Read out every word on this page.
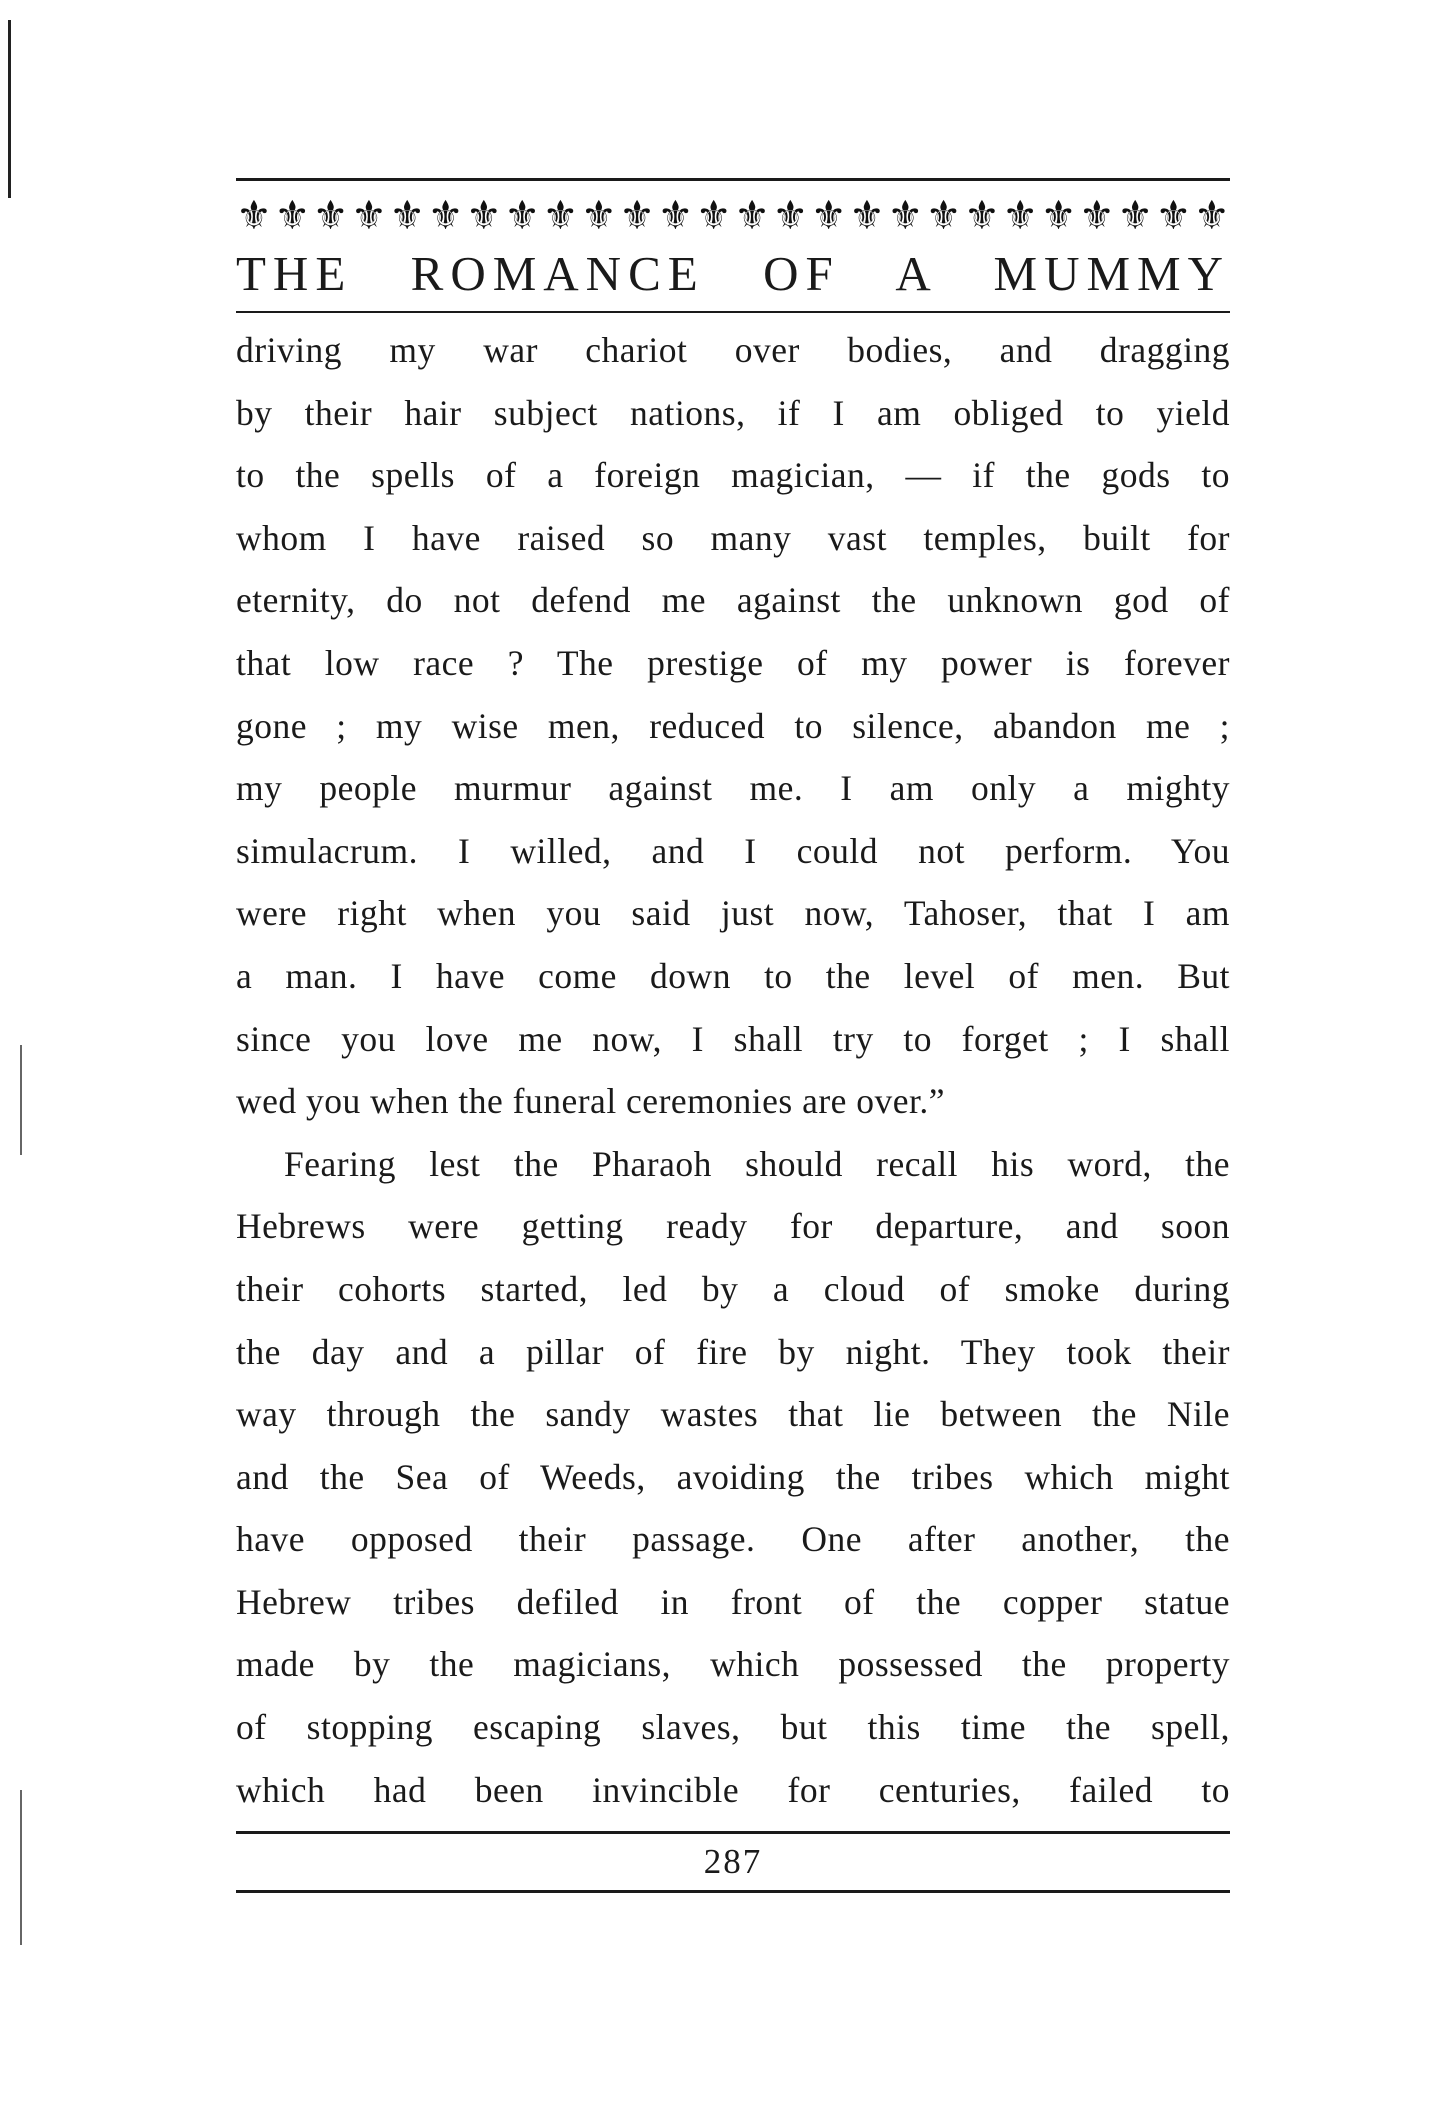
⚜ ⚜ ⚜ ⚜ ⚜ ⚜ ⚜ ⚜ ⚜ ⚜ ⚜ ⚜ ⚜ ⚜ ⚜ ⚜ ⚜ ⚜ ⚜ ⚜ ⚜ ⚜ ⚜ ⚜ ⚜ ⚜
THE ROMANCE OF A MUMMY
driving my war chariot over bodies, and dragging
by their hair subject nations, if I am obliged to yield
to the spells of a foreign magician, — if the gods to
whom I have raised so many vast temples, built for
eternity, do not defend me against the unknown god of
that low race ? The prestige of my power is forever
gone ; my wise men, reduced to silence, abandon me ;
my people murmur against me. I am only a mighty
simulacrum. I willed, and I could not perform. You
were right when you said just now, Tahoser, that I am
a man. I have come down to the level of men. But
since you love me now, I shall try to forget ; I shall
wed you when the funeral ceremonies are over.”
Fearing lest the Pharaoh should recall his word, the
Hebrews were getting ready for departure, and soon
their cohorts started, led by a cloud of smoke during
the day and a pillar of fire by night. They took their
way through the sandy wastes that lie between the Nile
and the Sea of Weeds, avoiding the tribes which might
have opposed their passage. One after another, the
Hebrew tribes defiled in front of the copper statue
made by the magicians, which possessed the property
of stopping escaping slaves, but this time the spell,
which had been invincible for centuries, failed to
287
